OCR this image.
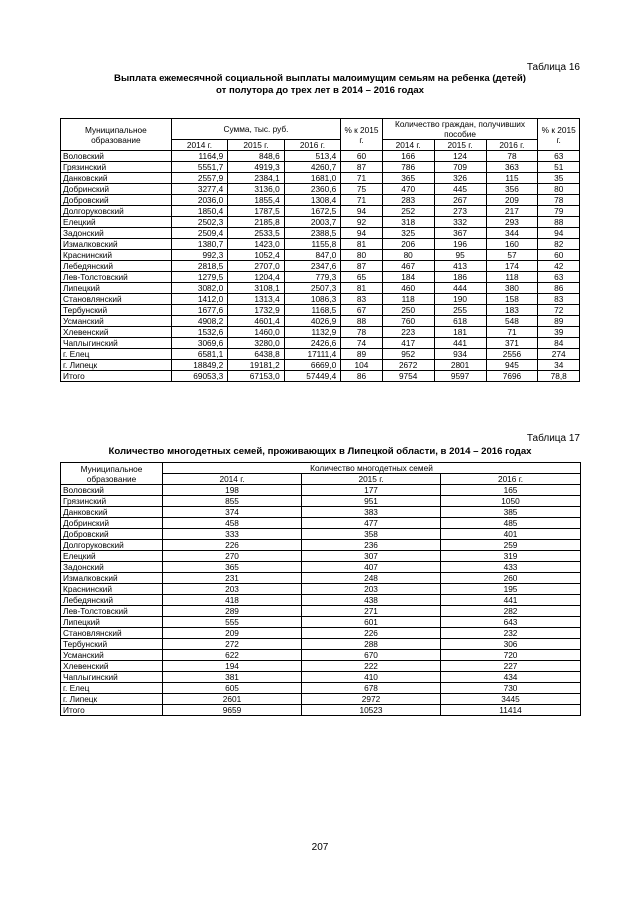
Таблица 16
Выплата ежемесячной социальной выплаты малоимущим семьям на ребенка (детей)
от полутора до трех лет в 2014 – 2016 годах
Муниципальное образование	Сумма, тыс. руб.			% к 2015 г.	Количество граждан, получивших пособие			% к 2015 г.
	2014 г.	2015 г.	2016 г.		2014 г.	2015 г.	2016 г.	
Воловский	1164,9	848,6	513,4	60	166	124	78	63
Грязинский	5551,7	4919,3	4260,7	87	786	709	363	51
Данковский	2557,9	2384,1	1681,0	71	365	326	115	35
Добринский	3277,4	3136,0	2360,6	75	470	445	356	80
Добровский	2036,0	1855,4	1308,4	71	283	267	209	78
Долгоруковский	1850,4	1787,5	1672,5	94	252	273	217	79
Елецкий	2502,3	2185,8	2003,7	92	318	332	293	88
Задонский	2509,4	2533,5	2388,5	94	325	367	344	94
Измалковский	1380,7	1423,0	1155,8	81	206	196	160	82
Краснинский	992,3	1052,4	847,0	80	80	95	57	60
Лебедянский	2818,5	2707,0	2347,6	87	467	413	174	42
Лев-Толстовский	1279,5	1204,4	779,3	65	184	186	118	63
Липецкий	3082,0	3108,1	2507,3	81	460	444	380	86
Становлянский	1412,0	1313,4	1086,3	83	118	190	158	83
Тербунский	1677,6	1732,9	1168,5	67	250	255	183	72
Усманский	4908,2	4601,4	4026,9	88	760	618	548	89
Хлевенский	1532,6	1460,0	1132,9	78	223	181	71	39
Чаплыгинский	3069,6	3280,0	2426,6	74	417	441	371	84
г. Елец	6581,1	6438,8	17111,4	89	952	934	2556	274
г. Липецк	18849,2	19181,2	6669,0	104	2672	2801	945	34
Итого	69053,3	67153,0	57449,4	86	9754	9597	7696	78,8
Таблица 17
Количество многодетных семей, проживающих в Липецкой области, в 2014 – 2016 годах
Муниципальное образование	Количество многодетных семей		
	2014 г.	2015 г.	2016 г.
Воловский	198	177	165
Грязинский	855	951	1050
Данковский	374	383	385
Добринский	458	477	485
Добровский	333	358	401
Долгоруковский	226	236	259
Елецкий	270	307	319
Задонский	365	407	433
Измалковский	231	248	260
Краснинский	203	203	195
Лебедянский	418	438	441
Лев-Толстовский	289	271	282
Липецкий	555	601	643
Становлянский	209	226	232
Тербунский	272	288	306
Усманский	622	670	720
Хлевенский	194	222	227
Чаплыгинский	381	410	434
г. Елец	605	678	730
г. Липецк	2601	2972	3445
Итого	9659	10523	11414
207
